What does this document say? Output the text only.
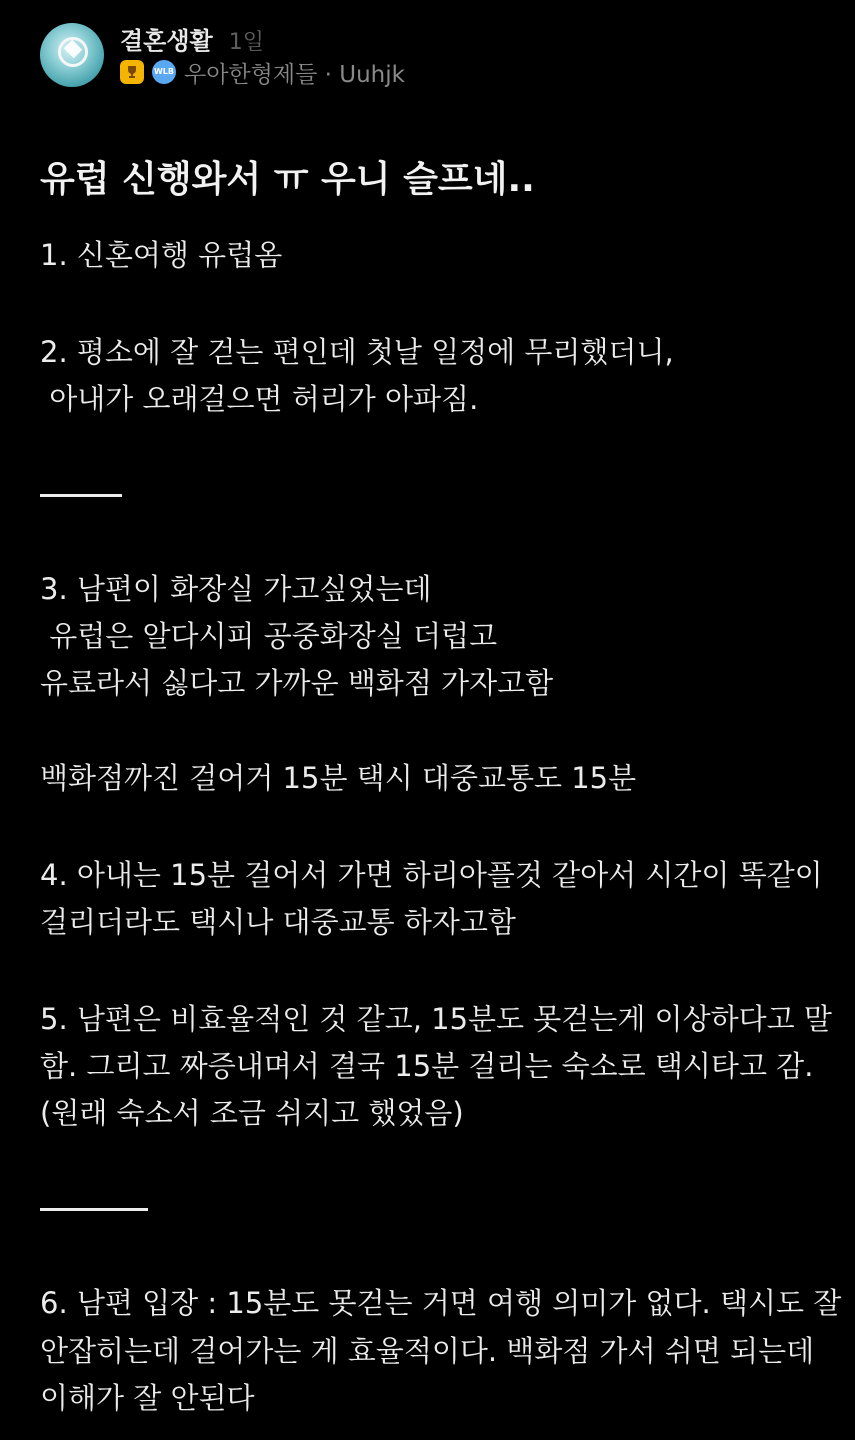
결혼생활 1일
WLB 우아한형제들 · Uuhjk
유럽 신행와서 ㅠ 우니 슬프네..
1. 신혼여행 유럽옴
2. 평소에 잘 걷는 편인데 첫날 일정에 무리했더니,
아내가 오래걸으면 허리가 아파짐.
3. 남편이 화장실 가고싶었는데
유럽은 알다시피 공중화장실 더럽고
유료라서 싫다고 가까운 백화점 가자고함
백화점까진 걸어거 15분 택시 대중교통도 15분
4. 아내는 15분 걸어서 가면 하리아플것 같아서 시간이 똑같이
걸리더라도 택시나 대중교통 하자고함
5. 남편은 비효율적인 것 같고, 15분도 못걷는게 이상하다고 말
함. 그리고 짜증내며서 결국 15분 걸리는 숙소로 택시타고 감.
(원래 숙소서 조금 쉬지고 했었음)
6. 남편 입장 : 15분도 못걷는 거면 여행 의미가 없다. 택시도 잘
안잡히는데 걸어가는 게 효율적이다. 백화점 가서 쉬면 되는데
이해가 잘 안된다
